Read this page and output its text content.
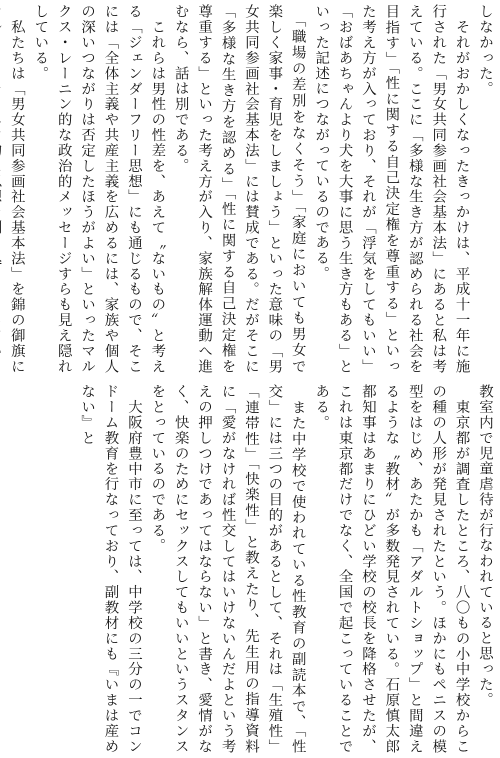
しなかった。

　それがおかしくなったきっかけは、平成十一年に施行された「男女共同参画社会基本法」にあると私は考えている。ここに「多様な生き方が認められる社会を目指す」「性に関する自己決定権を尊重する」といった考え方が入っており、それが「浮気をしてもいい」「おばあちゃんより犬を大事に思う生き方もある」といった記述につながっているのである。

　「職場の差別をなくそう」「家庭においても男女で楽しく家事・育児をしましょう」といった意味の「男女共同参画社会基本法」には賛成である。だがそこに「多様な生き方を認める」「性に関する自己決定権を尊重する」といった考え方が入り、家族解体運動へ進むなら、話は別である。

　これらは男性の性差を、あえて〝ないもの〟と考える「ジェンダーフリー思想」にも通じるもので、そこには「全体主義や共産主義を広めるには、家族や個人の深いつながりは否定したほうがよい」といったマルクス・レーニン的な政治的メッセージすらも見え隠れしている。

　私たちは「男女共同参画社会基本法」を錦の御旗に

教室内で児童虐待が行なわれていると思った。

　東京都が調査したところ、八〇もの小中学校からこの種の人形が発見されたという。ほかにもペニスの模型をはじめ、あたかも「アダルトショップ」と間違えるような〝教材〟が多数発見されている。石原慎太郎都知事はあまりにひどい学校の校長を降格させたが、これは東京都だけでなく、全国で起こっていることである。

　また中学校で使われている性教育の副読本で、「性交」には三つの目的があるとして、それは「生殖性」「連帯性」「快楽性」と教えたり、先生用の指導資料に「愛がなければ性交してはいけないんだよという考えの押しつけであってはならない」と書き、愛情がなく、快楽のためにセックスしてもいいというスタンスをとっているのである。

　大阪府豊中市に至っては、中学校の三分の一でコンドーム教育を行なっており、副教材にも『いまは産めない』と
